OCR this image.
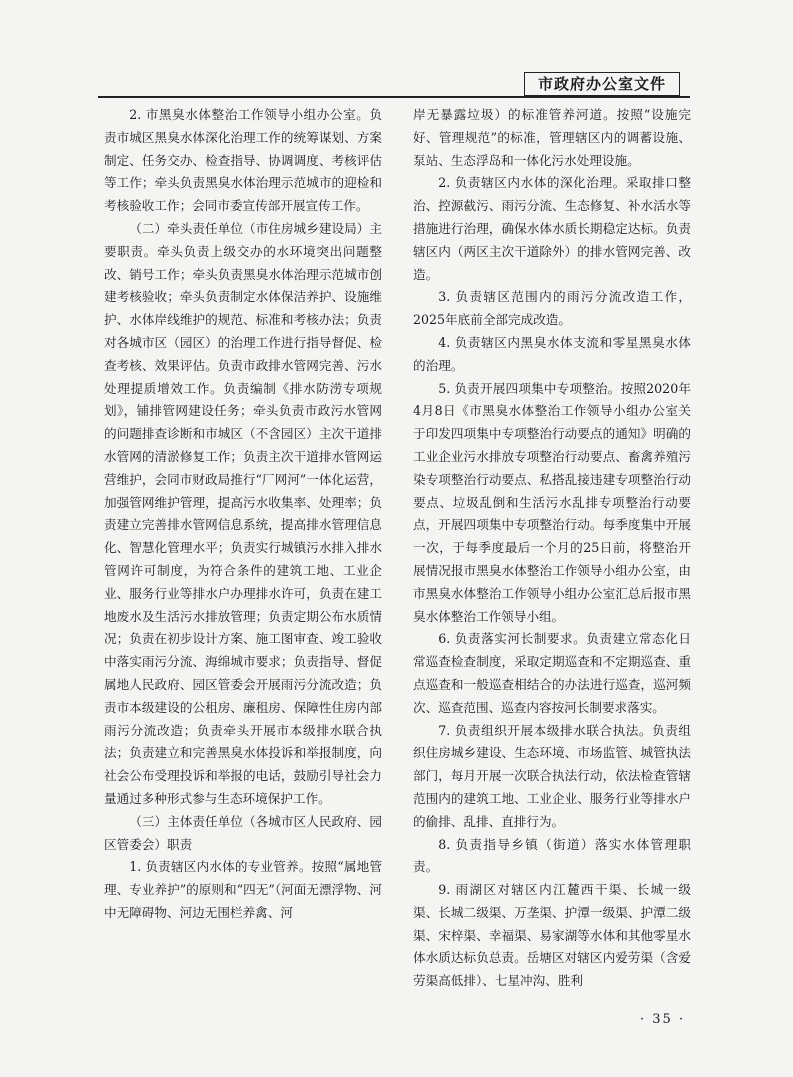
市政府办公室文件

2. 市黑臭水体整治工作领导小组办公室。负责市城区黑臭水体深化治理工作的统筹谋划、方案制定、任务交办、检查指导、协调调度、考核评估等工作；牵头负责黑臭水体治理示范城市的迎检和考核验收工作；会同市委宣传部开展宣传工作。

（二）牵头责任单位（市住房城乡建设局）主要职责。牵头负责上级交办的水环境突出问题整改、销号工作；牵头负责黑臭水体治理示范城市创建考核验收；牵头负责制定水体保洁养护、设施维护、水体岸线维护的规范、标准和考核办法；负责对各城市区（园区）的治理工作进行指导督促、检查考核、效果评估。负责市政排水管网完善、污水处理提质增效工作。负责编制《排水防涝专项规划》，铺排管网建设任务；牵头负责市政污水管网的问题排查诊断和市城区（不含园区）主次干道排水管网的清淤修复工作；负责主次干道排水管网运营维护，会同市财政局推行“厂网河”一体化运营，加强管网维护管理，提高污水收集率、处理率；负责建立完善排水管网信息系统，提高排水管理信息化、智慧化管理水平；负责实行城镇污水排入排水管网许可制度，为符合条件的建筑工地、工业企业、服务行业等排水户办理排水许可，负责在建工地废水及生活污水排放管理；负责定期公布水质情况；负责在初步设计方案、施工图审查、竣工验收中落实雨污分流、海绵城市要求；负责指导、督促属地人民政府、园区管委会开展雨污分流改造；负责市本级建设的公租房、廉租房、保障性住房内部雨污分流改造；负责牵头开展市本级排水联合执法；负责建立和完善黑臭水体投诉和举报制度，向社会公布受理投诉和举报的电话，鼓励引导社会力量通过多种形式参与生态环境保护工作。

（三）主体责任单位（各城市区人民政府、园区管委会）职责

1. 负责辖区内水体的专业管养。按照“属地管理、专业养护”的原则和“四无”（河面无漂浮物、河中无障碍物、河边无围栏养禽、河

岸无暴露垃圾）的标准管养河道。按照“设施完好、管理规范”的标准，管理辖区内的调蓄设施、泵站、生态浮岛和一体化污水处理设施。

2. 负责辖区内水体的深化治理。采取排口整治、控源截污、雨污分流、生态修复、补水活水等措施进行治理，确保水体水质长期稳定达标。负责辖区内（两区主次干道除外）的排水管网完善、改造。

3. 负责辖区范围内的雨污分流改造工作，2025年底前全部完成改造。

4. 负责辖区内黑臭水体支流和零星黑臭水体的治理。

5. 负责开展四项集中专项整治。按照2020年4月8日《市黑臭水体整治工作领导小组办公室关于印发四项集中专项整治行动要点的通知》明确的工业企业污水排放专项整治行动要点、畜禽养殖污染专项整治行动要点、私搭乱接违建专项整治行动要点、垃圾乱倒和生活污水乱排专项整治行动要点，开展四项集中专项整治行动。每季度集中开展一次，于每季度最后一个月的25日前，将整治开展情况报市黑臭水体整治工作领导小组办公室，由市黑臭水体整治工作领导小组办公室汇总后报市黑臭水体整治工作领导小组。

6. 负责落实河长制要求。负责建立常态化日常巡查检查制度，采取定期巡查和不定期巡查、重点巡查和一般巡查相结合的办法进行巡查，巡河频次、巡查范围、巡查内容按河长制要求落实。

7. 负责组织开展本级排水联合执法。负责组织住房城乡建设、生态环境、市场监管、城管执法部门，每月开展一次联合执法行动，依法检查管辖范围内的建筑工地、工业企业、服务行业等排水户的偷排、乱排、直排行为。

8. 负责指导乡镇（街道）落实水体管理职责。

9. 雨湖区对辖区内江麓西干渠、长城一级渠、长城二级渠、万垄渠、护潭一级渠、护潭二级渠、宋梓渠、幸福渠、易家湖等水体和其他零星水体水质达标负总责。岳塘区对辖区内爱劳渠（含爱劳渠高低排）、七星冲沟、胜利

· 35 ·
